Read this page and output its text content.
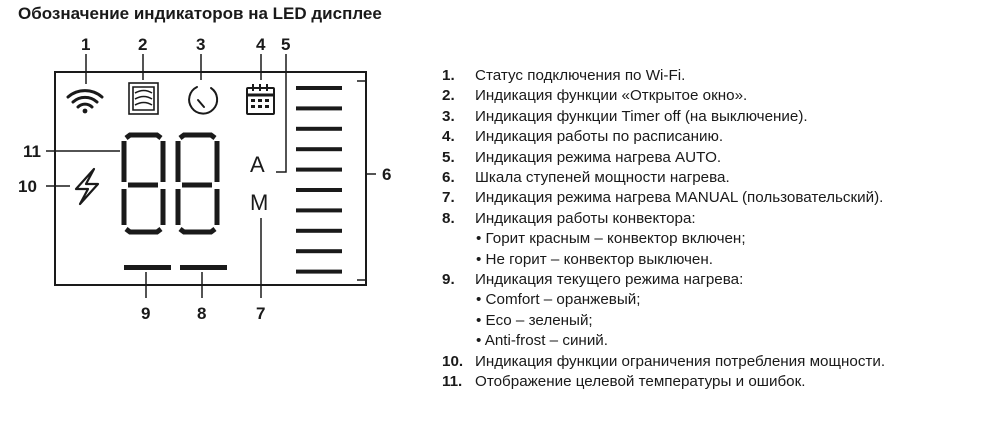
A
M
1	2	3	4 5
6
7
8
9
10
11
Обозначение индикаторов на LED дисплее
1. Статус подключения по Wi-Fi.
2. Индикация функции «Открытое окно».
3. Индикация функции Timer off (на выключение).
4. Индикация работы по расписанию.
5. Индикация режима нагрева AUTO.
6. Шкала ступеней мощности нагрева.
7. Индикация режима нагрева MANUAL (пользовательский).
8. Индикация работы конвектора:
• Горит красным – конвектор включен;
• Не горит – конвектор выключен.
9. Индикация текущего режима нагрева:
• Comfort – оранжевый;
• Eco – зеленый;
• Anti-frost – синий.
10. Индикация функции ограничения потребления мощности.
11. Отображение целевой температуры и ошибок.
